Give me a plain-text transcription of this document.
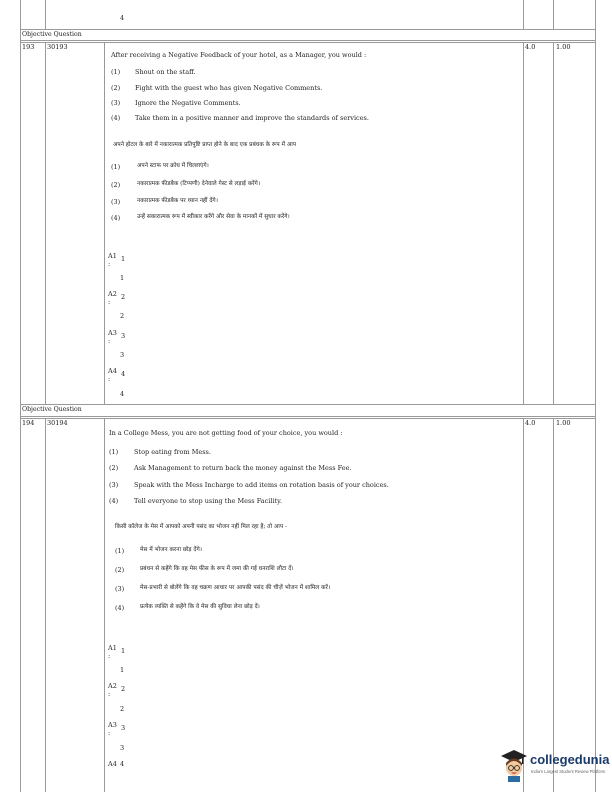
4
Objective Question
193 30193	4.0	1.00
After receiving a Negative Feedback of your hotel, as a Manager, you would :
(1) Shout on the staff.
(2) Fight with the guest who has given Negative Comments.
(3) Ignore the Negative Comments.
(4) Take them in a positive manner and improve the standards of services.
अपने होटल के बारे में नकारात्मक प्रतिपुष्टि प्राप्त होने के बाद एक प्रबंधक के रूप में आप
(1)	अपने स्टाफ पर क्रोध में चिल्लाएंगे।
(2)	नकारात्मक फीडबैक (टिप्पणी) देनेवाले गेस्ट से लड़ाई करेंगे।
(3)	नकारात्मक फीडबैक पर ध्यान नहीं देंगे।
(4)	उन्हें सकारात्मक रूप में स्वीकार करेंगे और सेवा के मानकों में सुधार करेंगे।
A1
:
1
1
A2
:
2
2
A3
:
3
3
A4
:
4
4
Objective Question
194 30194	4.0	1.00
In a College Mess, you are not getting food of your choice, you would :
(1) Stop eating from Mess.
(2) Ask Management to return back the money against the Mess Fee.
(3) Speak with the Mess Incharge to add items on rotation basis of your choices.
(4) Tell everyone to stop using the Mess Facility.
किसी कॉलेज के मेस में आपको अपनी पसंद का भोजन नहीं मिल रहा है; तो आप -
(1)	मेस में भोजन करना छोड़ देंगे।
(2)	प्रबंधन से कहेंगे कि वह मेस फीस के रूप में जमा की गई धनराशि लौटा दें।
(3)	मेस-प्रभारी से बोलेंगे कि वह चक्रण आधार पर आपकी पसंद की चीज़ें भोजन में शामिल करें।
(4)	प्रत्येक व्यक्ति से कहेंगे कि वे मेस की सुविधा लेना छोड़ दें।
A1
:
1
1
A2
:
2
2
A3
:
3
3
A4 4	collegedunia
India's Largest Student Review Platform
